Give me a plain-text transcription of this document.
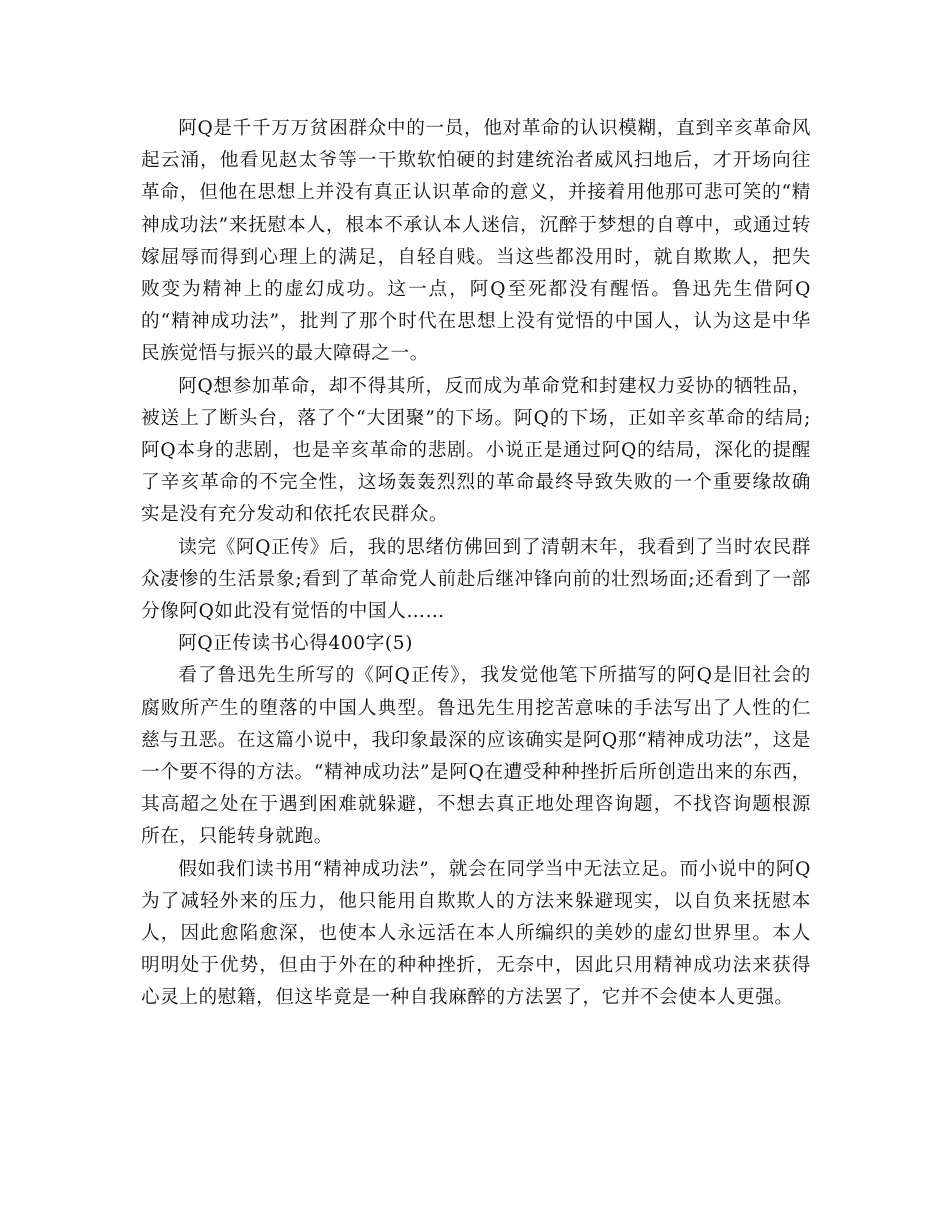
阿Q是千千万万贫困群众中的一员，他对革命的认识模糊，直到辛亥革命风起云涌，他看见赵太爷等一干欺软怕硬的封建统治者威风扫地后，才开场向往革命，但他在思想上并没有真正认识革命的意义，并接着用他那可悲可笑的“精神成功法”来抚慰本人，根本不承认本人迷信，沉醉于梦想的自尊中，或通过转嫁屈辱而得到心理上的满足，自轻自贱。当这些都没用时，就自欺欺人，把失败变为精神上的虚幻成功。这一点，阿Q至死都没有醒悟。鲁迅先生借阿Q的“精神成功法”，批判了那个时代在思想上没有觉悟的中国人，认为这是中华民族觉悟与振兴的最大障碍之一。

阿Q想参加革命，却不得其所，反而成为革命党和封建权力妥协的牺牲品，被送上了断头台，落了个“大团聚”的下场。阿Q的下场，正如辛亥革命的结局;阿Q本身的悲剧，也是辛亥革命的悲剧。小说正是通过阿Q的结局，深化的提醒了辛亥革命的不完全性，这场轰轰烈烈的革命最终导致失败的一个重要缘故确实是没有充分发动和依托农民群众。

读完《阿Q正传》后，我的思绪仿佛回到了清朝末年，我看到了当时农民群众凄惨的生活景象;看到了革命党人前赴后继冲锋向前的壮烈场面;还看到了一部分像阿Q如此没有觉悟的中国人……

阿Q正传读书心得400字(5)

看了鲁迅先生所写的《阿Q正传》，我发觉他笔下所描写的阿Q是旧社会的腐败所产生的堕落的中国人典型。鲁迅先生用挖苦意味的手法写出了人性的仁慈与丑恶。在这篇小说中，我印象最深的应该确实是阿Q那“精神成功法”，这是一个要不得的方法。“精神成功法”是阿Q在遭受种种挫折后所创造出来的东西，其高超之处在于遇到困难就躲避，不想去真正地处理咨询题，不找咨询题根源所在，只能转身就跑。

假如我们读书用“精神成功法”，就会在同学当中无法立足。而小说中的阿Q为了减轻外来的压力，他只能用自欺欺人的方法来躲避现实，以自负来抚慰本人，因此愈陷愈深，也使本人永远活在本人所编织的美妙的虚幻世界里。本人明明处于优势，但由于外在的种种挫折，无奈中，因此只用精神成功法来获得心灵上的慰籍，但这毕竟是一种自我麻醉的方法罢了，它并不会使本人更强。
